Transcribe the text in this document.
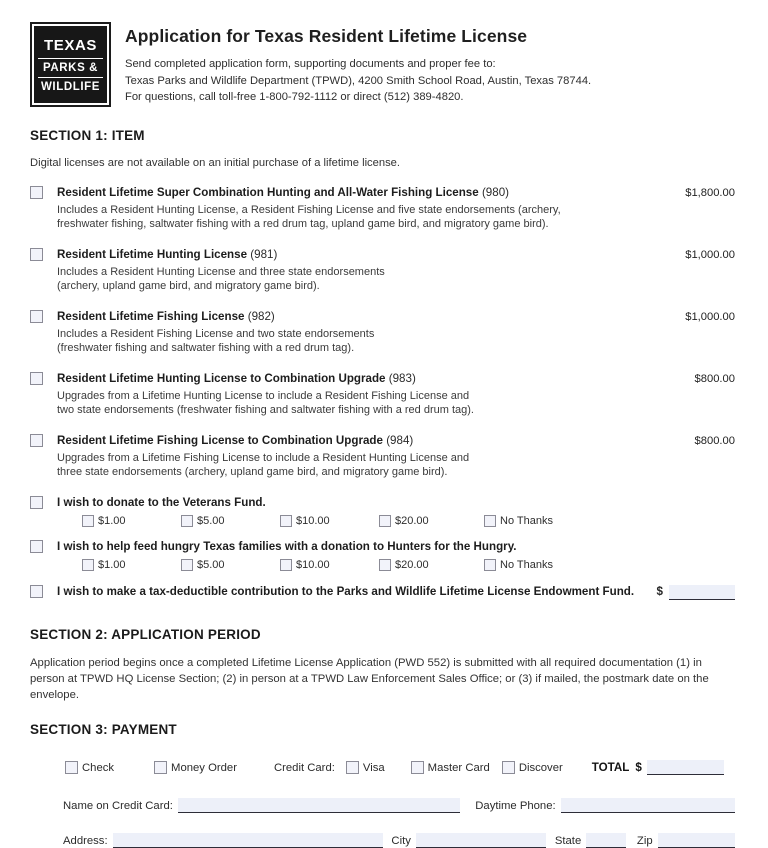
TEXAS
PARKS &
WILDLIFE
Application for Texas Resident Lifetime License
Send completed application form, supporting documents and proper fee to:
Texas Parks and Wildlife Department (TPWD), 4200 Smith School Road, Austin, Texas 78744.
For questions, call toll-free 1-800-792-1112 or direct (512) 389-4820.
SECTION 1: ITEM
Digital licenses are not available on an initial purchase of a lifetime license.
Resident Lifetime Super Combination Hunting and All-Water Fishing License (980)
Includes a Resident Hunting License, a Resident Fishing License and five state endorsements (archery,
freshwater fishing, saltwater fishing with a red drum tag, upland game bird, and migratory game bird).
$1,800.00
Resident Lifetime Hunting License (981)
Includes a Resident Hunting License and three state endorsements
(archery, upland game bird, and migratory game bird).
$1,000.00
Resident Lifetime Fishing License (982)
Includes a Resident Fishing License and two state endorsements
(freshwater fishing and saltwater fishing with a red drum tag).
$1,000.00
Resident Lifetime Hunting License to Combination Upgrade (983)
Upgrades from a Lifetime Hunting License to include a Resident Fishing License and
two state endorsements (freshwater fishing and saltwater fishing with a red drum tag).
$800.00
Resident Lifetime Fishing License to Combination Upgrade (984)
Upgrades from a Lifetime Fishing License to include a Resident Hunting License and
three state endorsements (archery, upland game bird, and migratory game bird).
$800.00
I wish to donate to the Veterans Fund.
$1.00	$5.00	$10.00	$20.00	No Thanks
I wish to help feed hungry Texas families with a donation to Hunters for the Hungry.
$1.00	$5.00	$10.00	$20.00	No Thanks
I wish to make a tax-deductible contribution to the Parks and Wildlife Lifetime License Endowment Fund.	$
SECTION 2: APPLICATION PERIOD
Application period begins once a completed Lifetime License Application (PWD 552) is submitted with all required documentation (1) in person at TPWD HQ License Section; (2) in person at a TPWD Law Enforcement Sales Office; or (3) if mailed, the postmark date on the envelope.
SECTION 3: PAYMENT
Check	Money Order	Credit Card: Visa	Master Card	Discover	TOTAL $
Name on Credit Card:	Daytime Phone:
Address:	City	State	Zip
